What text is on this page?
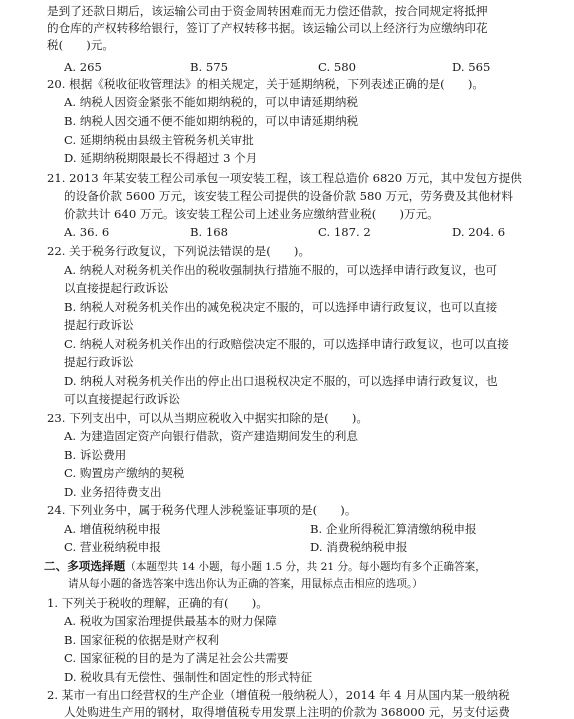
是到了还款日期后，该运输公司由于资金周转困难而无力偿还借款，按合同规定将抵押
的仓库的产权转移给银行，签订了产权转移书据。该运输公司以上经济行为应缴纳印花
税(　　)元。
A. 265	B. 575	C. 580	D. 565
20. 根据《税收征收管理法》的相关规定，关于延期纳税，下列表述正确的是(　　)。
A. 纳税人因资金紧张不能如期纳税的，可以申请延期纳税
B. 纳税人因交通不便不能如期纳税的，可以申请延期纳税
C. 延期纳税由县级主管税务机关审批
D. 延期纳税期限最长不得超过 3 个月
21. 2013 年某安装工程公司承包一项安装工程，该工程总造价 6820 万元，其中发包方提供
的设备价款 5600 万元，该安装工程公司提供的设备价款 580 万元，劳务费及其他材料
价款共计 640 万元。该安装工程公司上述业务应缴纳营业税(　　)万元。
A. 36. 6	B. 168	C. 187. 2	D. 204. 6
22. 关于税务行政复议，下列说法错误的是(　　)。
A. 纳税人对税务机关作出的税收强制执行措施不服的，可以选择申请行政复议，也可
以直接提起行政诉讼
B. 纳税人对税务机关作出的减免税决定不服的，可以选择申请行政复议，也可以直接
提起行政诉讼
C. 纳税人对税务机关作出的行政赔偿决定不服的，可以选择申请行政复议，也可以直接
提起行政诉讼
D. 纳税人对税务机关作出的停止出口退税权决定不服的，可以选择申请行政复议，也
可以直接提起行政诉讼
23. 下列支出中，可以从当期应税收入中据实扣除的是(　　)。
A. 为建造固定资产向银行借款，资产建造期间发生的利息
B. 诉讼费用
C. 购置房产缴纳的契税
D. 业务招待费支出
24. 下列业务中，属于税务代理人涉税鉴证事项的是(　　)。
A. 增值税纳税申报	B. 企业所得税汇算清缴纳税申报
C. 营业税纳税申报	D. 消费税纳税申报
二、多项选择题（本题型共 14 小题，每小题 1.5 分，共 21 分。每小题均有多个正确答案，
请从每小题的备选答案中选出你认为正确的答案，用鼠标点击相应的选项。）
1. 下列关于税收的理解，正确的有(　　)。
A. 税收为国家治理提供最基本的财力保障
B. 国家征税的依据是财产权利
C. 国家征税的目的是为了满足社会公共需要
D. 税收具有无偿性、强制性和固定性的形式特征
2. 某市一有出口经营权的生产企业（增值税一般纳税人），2014 年 4 月从国内某一般纳税
人处购进生产用的钢材，取得增值税专用发票上注明的价款为 368000 元，另支付运费
